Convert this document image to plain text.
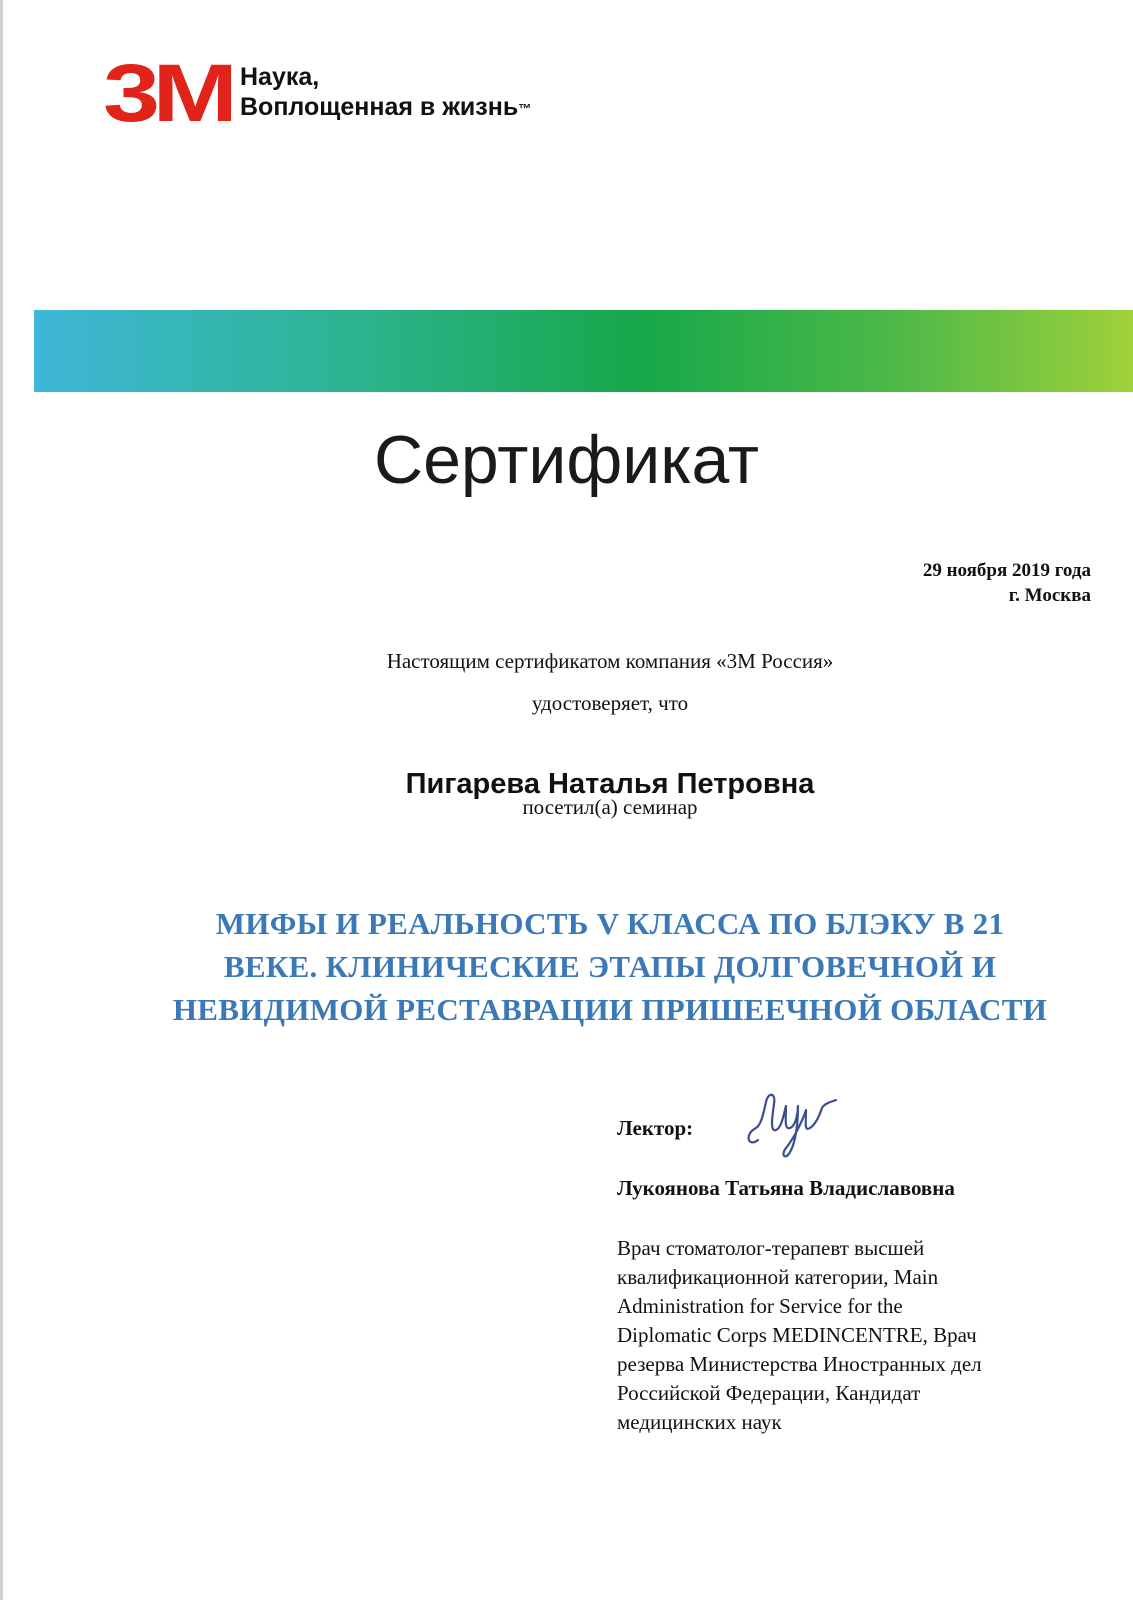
3M Наука,
Воплощенная в жизнь™
Сертификат
29 ноября 2019 года
г. Москва
Настоящим сертификатом компания «3М Россия»
удостоверяет, что
Пигарева Наталья Петровна
посетил(а) семинар
МИФЫ И РЕАЛЬНОСТЬ V КЛАССА ПО БЛЭКУ В 21
ВЕКЕ. КЛИНИЧЕСКИЕ ЭТАПЫ ДОЛГОВЕЧНОЙ И
НЕВИДИМОЙ РЕСТАВРАЦИИ ПРИШЕЕЧНОЙ ОБЛАСТИ
Лектор:
Лукоянова Татьяна Владиславовна
Врач стоматолог-терапевт высшей
квалификационной категории, Main
Administration for Service for the
Diplomatic Corps MEDINCENTRE, Врач
резерва Министерства Иностранных дел
Российской Федерации, Кандидат
медицинских наук
